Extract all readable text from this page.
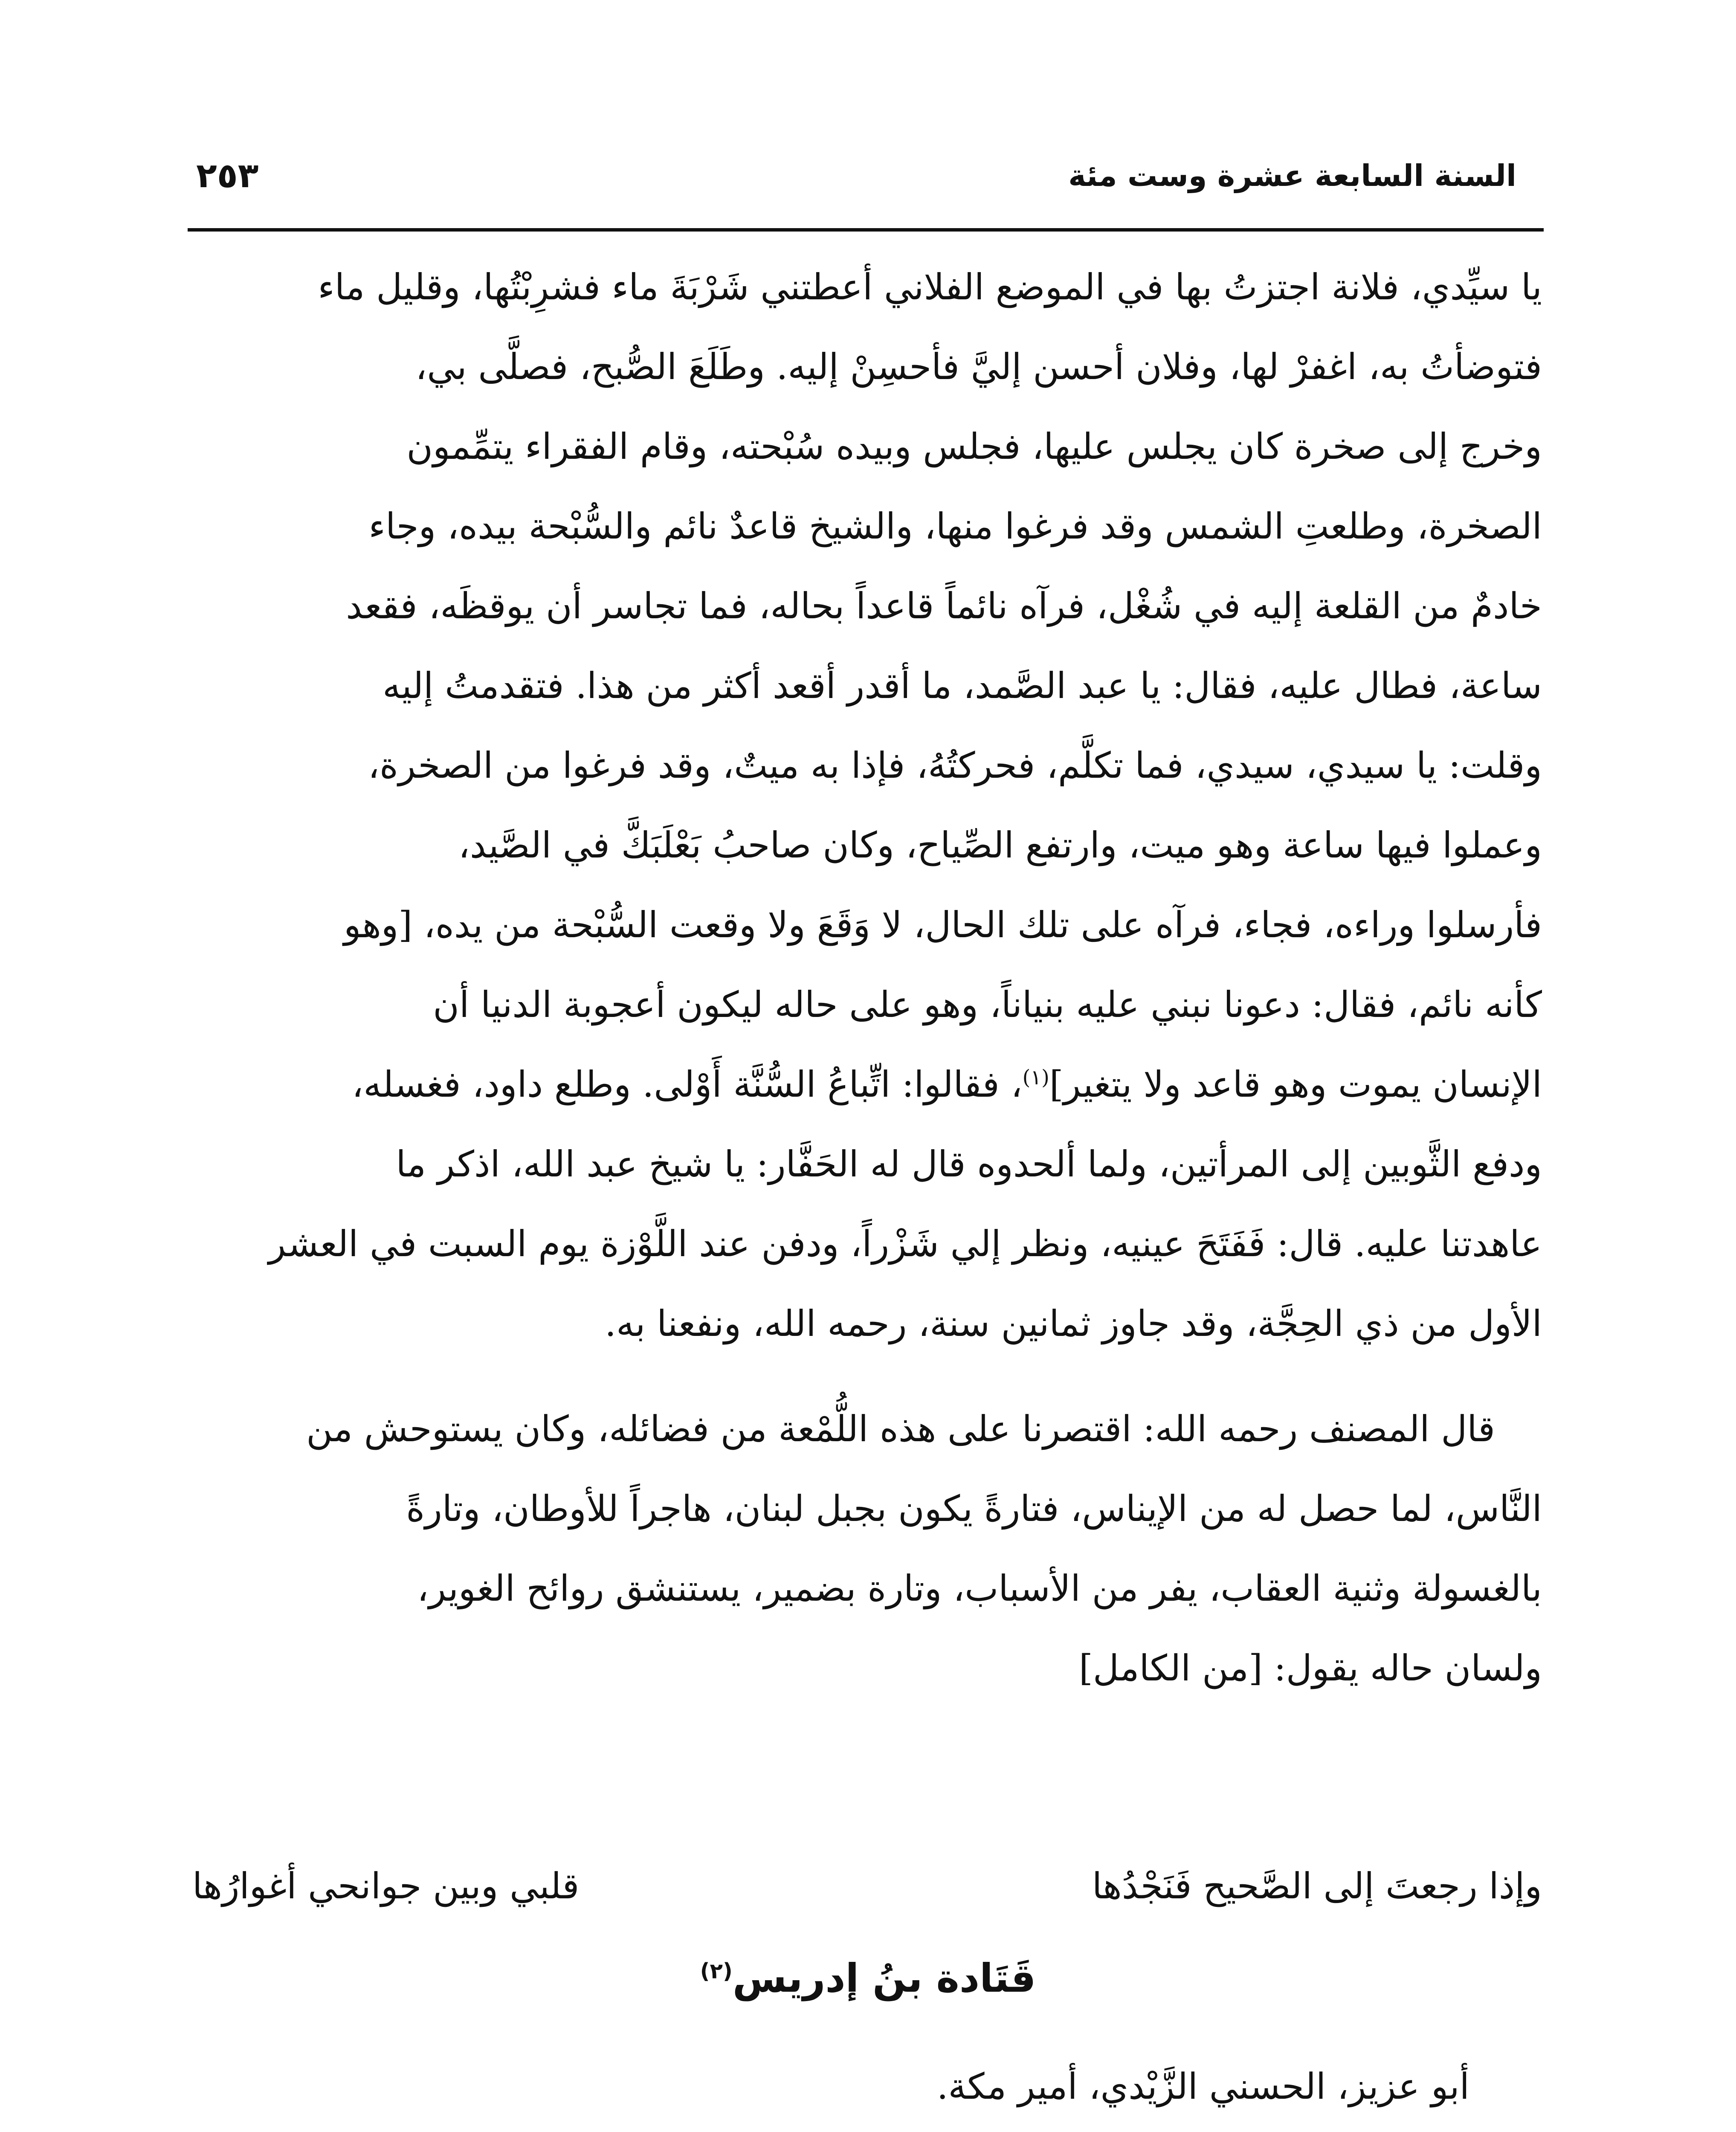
السنة السابعة عشرة وست مئة
٢٥٣
يا سيِّدي، فلانة اجتزتُ بها في الموضع الفلاني أعطتني شَرْبَةَ ماء فشرِبْتُها، وقليل ماء
فتوضأتُ به، اغفرْ لها، وفلان أحسن إليَّ فأحسِنْ إليه. وطَلَعَ الصُّبح، فصلَّى بي،
وخرج إلى صخرة كان يجلس عليها، فجلس وبيده سُبْحته، وقام الفقراء يتمِّمون
الصخرة، وطلعتِ الشمس وقد فرغوا منها، والشيخ قاعدٌ نائم والسُّبْحة بيده، وجاء
خادمٌ من القلعة إليه في شُغْل، فرآه نائماً قاعداً بحاله، فما تجاسر أن يوقظَه، فقعد
ساعة، فطال عليه، فقال: يا عبد الصَّمد، ما أقدر أقعد أكثر من هذا. فتقدمتُ إليه
وقلت: يا سيدي، سيدي، فما تكلَّم، فحركتُهُ، فإذا به ميتٌ، وقد فرغوا من الصخرة،
وعملوا فيها ساعة وهو ميت، وارتفع الصِّياح، وكان صاحبُ بَعْلَبَكَّ في الصَّيد،
فأرسلوا وراءه، فجاء، فرآه على تلك الحال، لا وَقَعَ ولا وقعت السُّبْحة من يده، [وهو
كأنه نائم، فقال: دعونا نبني عليه بنياناً، وهو على حاله ليكون أعجوبة الدنيا أن
الإنسان يموت وهو قاعد ولا يتغير]$^{(١)}$، فقالوا: اتِّباعُ السُّنَّة أَوْلى. وطلع داود، فغسله،
ودفع الثَّوبين إلى المرأتين، ولما ألحدوه قال له الحَفَّار: يا شيخ عبد الله، اذكر ما
عاهدتنا عليه. قال: فَفَتَحَ عينيه، ونظر إلي شَزْراً، ودفن عند اللَّوْزة يوم السبت في العشر
الأول من ذي الحِجَّة، وقد جاوز ثمانين سنة، رحمه الله، ونفعنا به.
قال المصنف رحمه الله: اقتصرنا على هذه اللُّمْعة من فضائله، وكان يستوحش من
النَّاس، لما حصل له من الإيناس، فتارةً يكون بجبل لبنان، هاجراً للأوطان، وتارةً
بالغسولة وثنية العقاب، يفر من الأسباب، وتارة بضمير، يستنشق روائح الغوير،
ولسان حاله يقول: [من الكامل]
وإذا رجعتَ إلى الصَّحيح فَنَجْدُها
قلبي وبين جوانحي أغوارُها
قَتَادة بنُ إدريس$^{(٢)}$
أبو عزيز، الحسني الزَّيْدي، أمير مكة.
